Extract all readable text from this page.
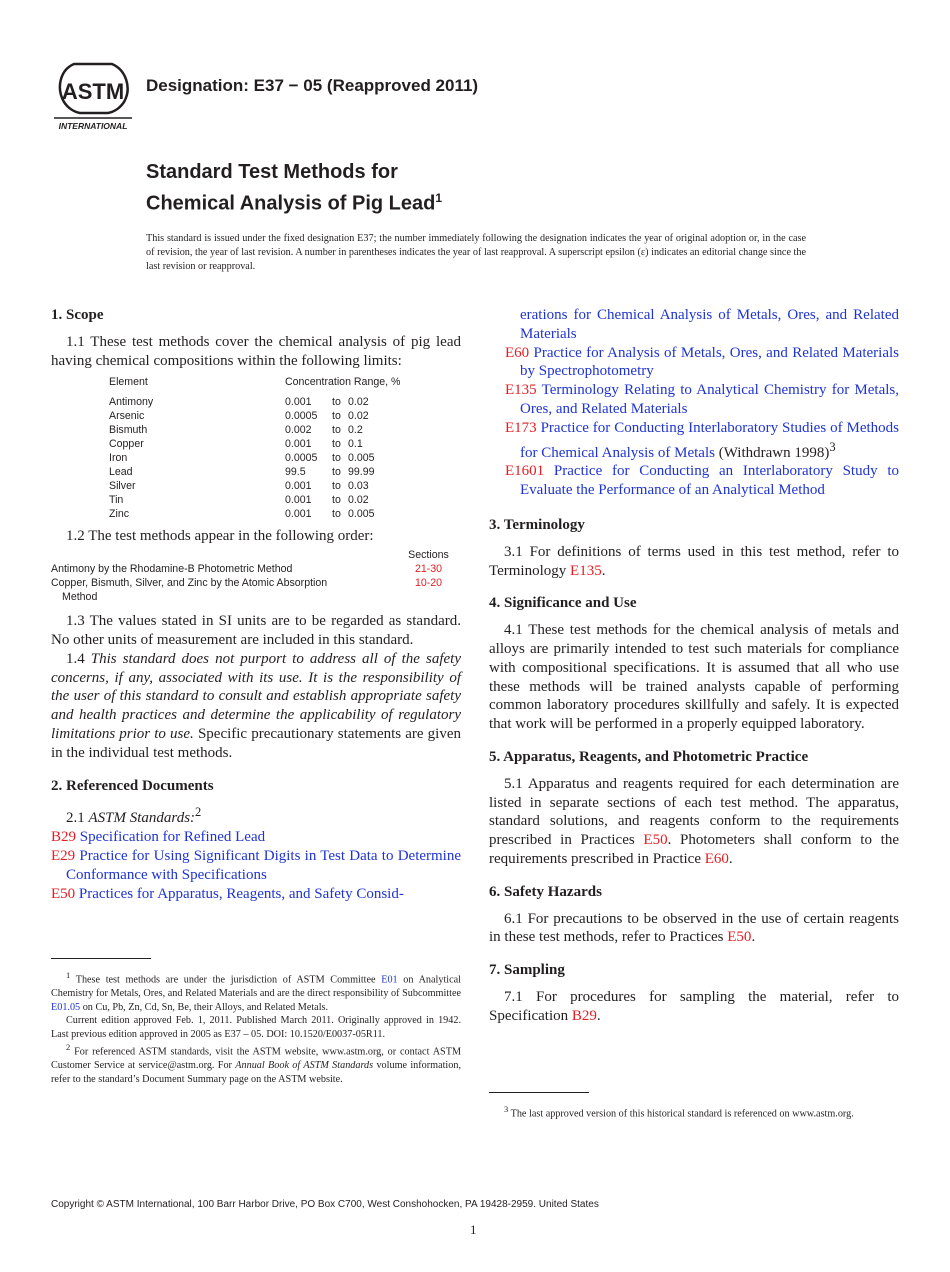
ASTM
INTERNATIONAL
Designation: E37 − 05 (Reapproved 2011)
Standard Test Methods for
Chemical Analysis of Pig Lead$^1$
This standard is issued under the fixed designation E37; the number immediately following the designation indicates the year of original adoption or, in the case of revision, the year of last revision. A number in parentheses indicates the year of last reapproval. A superscript epsilon (ε) indicates an editorial change since the last revision or reapproval.
1. Scope

1.1 These test methods cover the chemical analysis of pig lead having chemical compositions within the following limits:

Element	Concentration Range, %		
Antimony	0.001	to	0.02
Arsenic	0.0005	to	0.02
Bismuth	0.002	to	0.2
Copper	0.001	to	0.1
Iron	0.0005	to	0.005
Lead	99.5	to	99.99
Silver	0.001	to	0.03
Tin	0.001	to	0.02
Zinc	0.001	to	0.005

1.2 The test methods appear in the following order:

	Sections
Antimony by the Rhodamine-B Photometric Method	21-30

Copper, Bismuth, Silver, and Zinc by the Atomic Absorption
Method	10-20

1.3 The values stated in SI units are to be regarded as standard. No other units of measurement are included in this standard.

1.4 This standard does not purport to address all of the safety concerns, if any, associated with its use. It is the responsibility of the user of this standard to consult and establish appropriate safety and health practices and determine the applicability of regulatory limitations prior to use. Specific precautionary statements are given in the individual test methods.

2. Referenced Documents

2.1 ASTM Standards:$^2$

B29 Specification for Refined Lead
E29 Practice for Using Significant Digits in Test Data to Determine Conformance with Specifications
E50 Practices for Apparatus, Reagents, and Safety Consid-

$^1$ These test methods are under the jurisdiction of ASTM Committee E01 on Analytical Chemistry for Metals, Ores, and Related Materials and are the direct responsibility of Subcommittee E01.05 on Cu, Pb, Zn, Cd, Sn, Be, their Alloys, and Related Metals.

Current edition approved Feb. 1, 2011. Published March 2011. Originally approved in 1942. Last previous edition approved in 2005 as E37 – 05. DOI: 10.1520/E0037-05R11.

$^2$ For referenced ASTM standards, visit the ASTM website, www.astm.org, or contact ASTM Customer Service at service@astm.org. For Annual Book of ASTM Standards volume information, refer to the standard’s Document Summary page on the ASTM website.

erations for Chemical Analysis of Metals, Ores, and Related Materials
E60 Practice for Analysis of Metals, Ores, and Related Materials by Spectrophotometry
E135 Terminology Relating to Analytical Chemistry for Metals, Ores, and Related Materials
E173 Practice for Conducting Interlaboratory Studies of Methods for Chemical Analysis of Metals (Withdrawn 1998)$^3$
E1601 Practice for Conducting an Interlaboratory Study to Evaluate the Performance of an Analytical Method
3. Terminology

3.1 For definitions of terms used in this test method, refer to Terminology E135.

4. Significance and Use

4.1 These test methods for the chemical analysis of metals and alloys are primarily intended to test such materials for compliance with compositional specifications. It is assumed that all who use these methods will be trained analysts capable of performing common laboratory procedures skillfully and safely. It is expected that work will be performed in a properly equipped laboratory.

5. Apparatus, Reagents, and Photometric Practice

5.1 Apparatus and reagents required for each determination are listed in separate sections of each test method. The apparatus, standard solutions, and reagents conform to the requirements prescribed in Practices E50. Photometers shall conform to the requirements prescribed in Practice E60.

6. Safety Hazards

6.1 For precautions to be observed in the use of certain reagents in these test methods, refer to Practices E50.

7. Sampling

7.1 For procedures for sampling the material, refer to Specification B29.

$^3$ The last approved version of this historical standard is referenced on www.astm.org.

Copyright © ASTM International, 100 Barr Harbor Drive, PO Box C700, West Conshohocken, PA 19428-2959. United States
1
